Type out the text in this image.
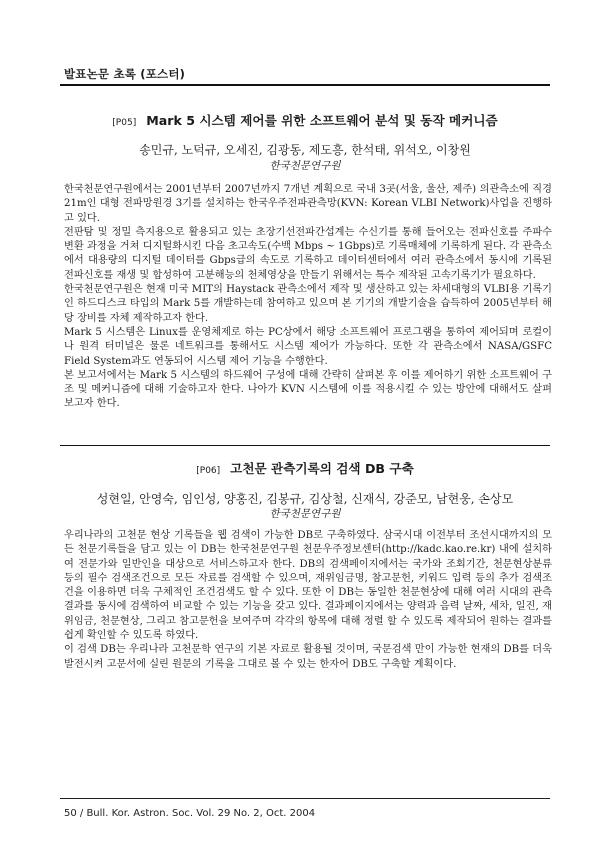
발표논문 초록 (포스터)
[P05] Mark 5 시스템 제어를 위한 소프트웨어 분석 및 동작 메커니즘
송민규, 노덕규, 오세진, 김광동, 제도흥, 한석태, 위석오, 이창원
한국천문연구원

한국천문연구원에서는 2001년부터 2007년까지 7개년 계획으로 국내 3곳(서울, 울산, 제주) 의관측소에 직경 21m인 대형 전파망원경 3기를 설치하는 한국우주전파관측망(KVN: Korean VLBI Network)사업을 진행하고 있다.

전판탐 및 정밀 측지용으로 활용되고 있는 초장기선전파간섭계는 수신기를 통해 들어오는 전파신호를 주파수 변환 과정을 거쳐 디지털화시킨 다음 초고속도(수백 Mbps ~ 1Gbps)로 기록매체에 기록하게 된다. 각 관측소에서 대용량의 디지털 데이터를 Gbps급의 속도로 기록하고 데이터센터에서 여러 관측소에서 동시에 기록된 전파신호를 재생 및 합성하여 고분해능의 천체영상을 만들기 위해서는 특수 제작된 고속기록기가 필요하다.

한국천문연구원은 현재 미국 MIT의 Haystack 관측소에서 제작 및 생산하고 있는 차세대형의 VLBI용 기록기인 하드디스크 타입의 Mark 5를 개발하는데 참여하고 있으며 본 기기의 개발기술을 습득하여 2005년부터 해당 장비를 자체 제작하고자 한다.

Mark 5 시스템은 Linux를 운영체제로 하는 PC상에서 해당 소프트웨어 프로그램을 통하여 제어되며 로컬이나 원격 터미널은 물론 네트워크를 통해서도 시스템 제어가 가능하다. 또한 각 관측소에서 NASA/GSFC Field System과도 연동되어 시스템 제어 기능을 수행한다.

본 보고서에서는 Mark 5 시스템의 하드웨어 구성에 대해 간략히 살펴본 후 이를 제어하기 위한 소프트웨어 구조 및 메커니즘에 대해 기술하고자 한다. 나아가 KVN 시스템에 이를 적용시킬 수 있는 방안에 대해서도 살펴보고자 한다.

[P06] 고천문 관측기록의 검색 DB 구축
성현일, 안영숙, 임인성, 양홍진, 김봉규, 김상철, 신재식, 강준모, 남현웅, 손상모
한국천문연구원

우리나라의 고천문 현상 기록들을 웹 검색이 가능한 DB로 구축하였다. 삼국시대 이전부터 조선시대까지의 모든 천문기록들을 담고 있는 이 DB는 한국천문연구원 천문우주정보센터(http://kadc.kao.re.kr) 내에 설치하여 전문가와 일반인을 대상으로 서비스하고자 한다. DB의 검색페이지에서는 국가와 조회기간, 천문현상분류 등의 필수 검색조건으로 모든 자료를 검색할 수 있으며, 재위임금명, 참고문헌, 키워드 입력 등의 추가 검색조건을 이용하면 더욱 구체적인 조건검색도 할 수 있다. 또한 이 DB는 동일한 천문현상에 대해 여러 시대의 관측결과를 동시에 검색하여 비교할 수 있는 기능을 갖고 있다. 결과페이지에서는 양력과 음력 날짜, 세차, 일진, 재위임금, 천문현상, 그리고 참고문헌을 보여주며 각각의 항목에 대해 정렬 할 수 있도록 제작되어 원하는 결과를 쉽게 확인할 수 있도록 하였다.

이 검색 DB는 우리나라 고천문학 연구의 기본 자료로 활용될 것이며, 국문검색 만이 가능한 현재의 DB를 더욱 발전시켜 고문서에 실린 원문의 기록을 그대로 볼 수 있는 한자어 DB도 구축할 계획이다.

50 / Bull. Kor. Astron. Soc. Vol. 29 No. 2, Oct. 2004
